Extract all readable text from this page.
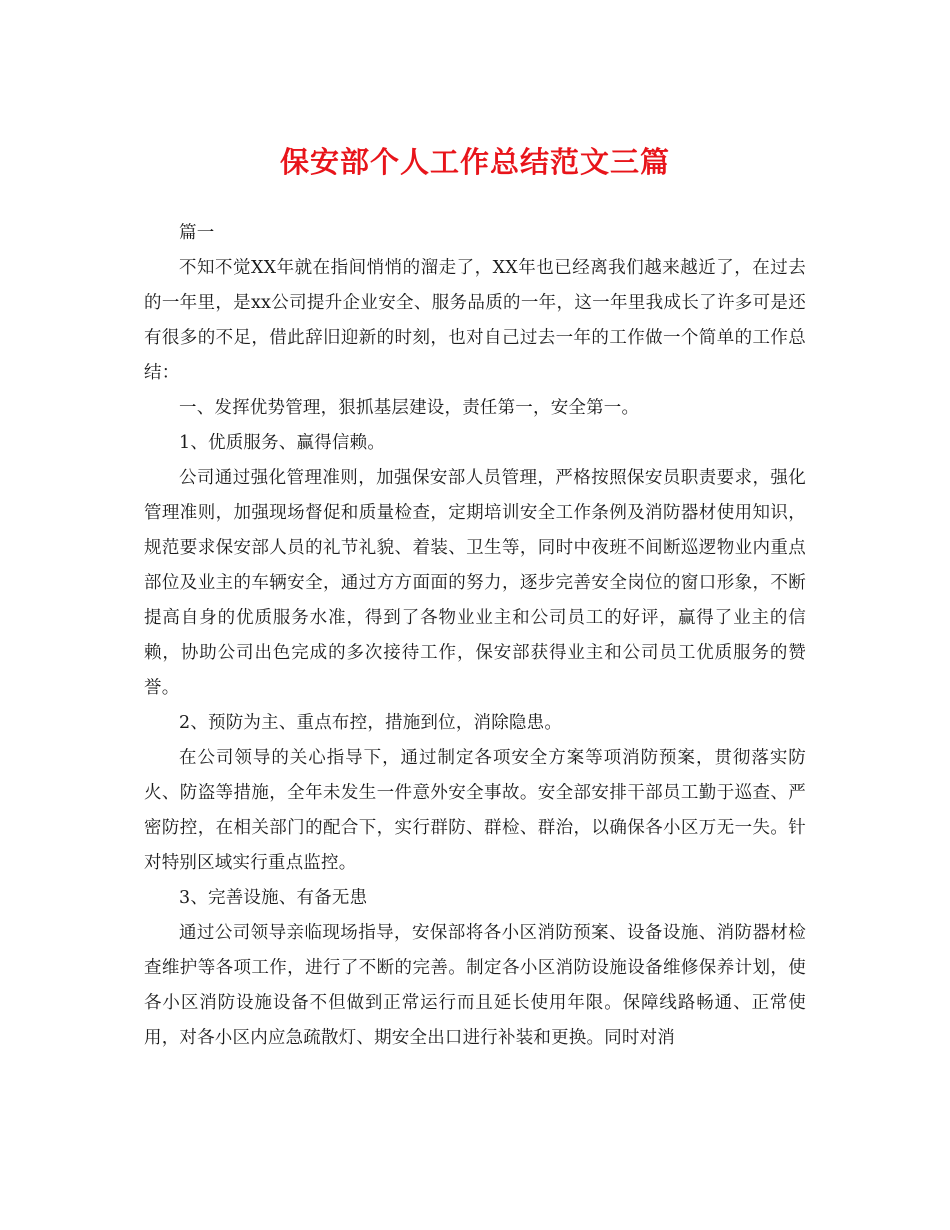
保安部个人工作总结范文三篇

篇一

不知不觉XX年就在指间悄悄的溜走了，XX年也已经离我们越来越近了，在过去的一年里，是xx公司提升企业安全、服务品质的一年，这一年里我成长了许多可是还有很多的不足，借此辞旧迎新的时刻，也对自己过去一年的工作做一个简单的工作总结：

一、发挥优势管理，狠抓基层建设，责任第一，安全第一。

1、优质服务、赢得信赖。

公司通过强化管理准则，加强保安部人员管理，严格按照保安员职责要求，强化管理准则，加强现场督促和质量检查，定期培训安全工作条例及消防器材使用知识，规范要求保安部人员的礼节礼貌、着装、卫生等，同时中夜班不间断巡逻物业内重点部位及业主的车辆安全，通过方方面面的努力，逐步完善安全岗位的窗口形象，不断提高自身的优质服务水准，得到了各物业业主和公司员工的好评，赢得了业主的信赖，协助公司出色完成的多次接待工作，保安部获得业主和公司员工优质服务的赞誉。

2、预防为主、重点布控，措施到位，消除隐患。

在公司领导的关心指导下，通过制定各项安全方案等项消防预案，贯彻落实防火、防盗等措施，全年未发生一件意外安全事故。安全部安排干部员工勤于巡查、严密防控，在相关部门的配合下，实行群防、群检、群治，以确保各小区万无一失。针对特别区域实行重点监控。

3、完善设施、有备无患

通过公司领导亲临现场指导，安保部将各小区消防预案、设备设施、消防器材检查维护等各项工作，进行了不断的完善。制定各小区消防设施设备维修保养计划，使各小区消防设施设备不但做到正常运行而且延长使用年限。保障线路畅通、正常使用，对各小区内应急疏散灯、期安全出口进行补装和更换。同时对消
